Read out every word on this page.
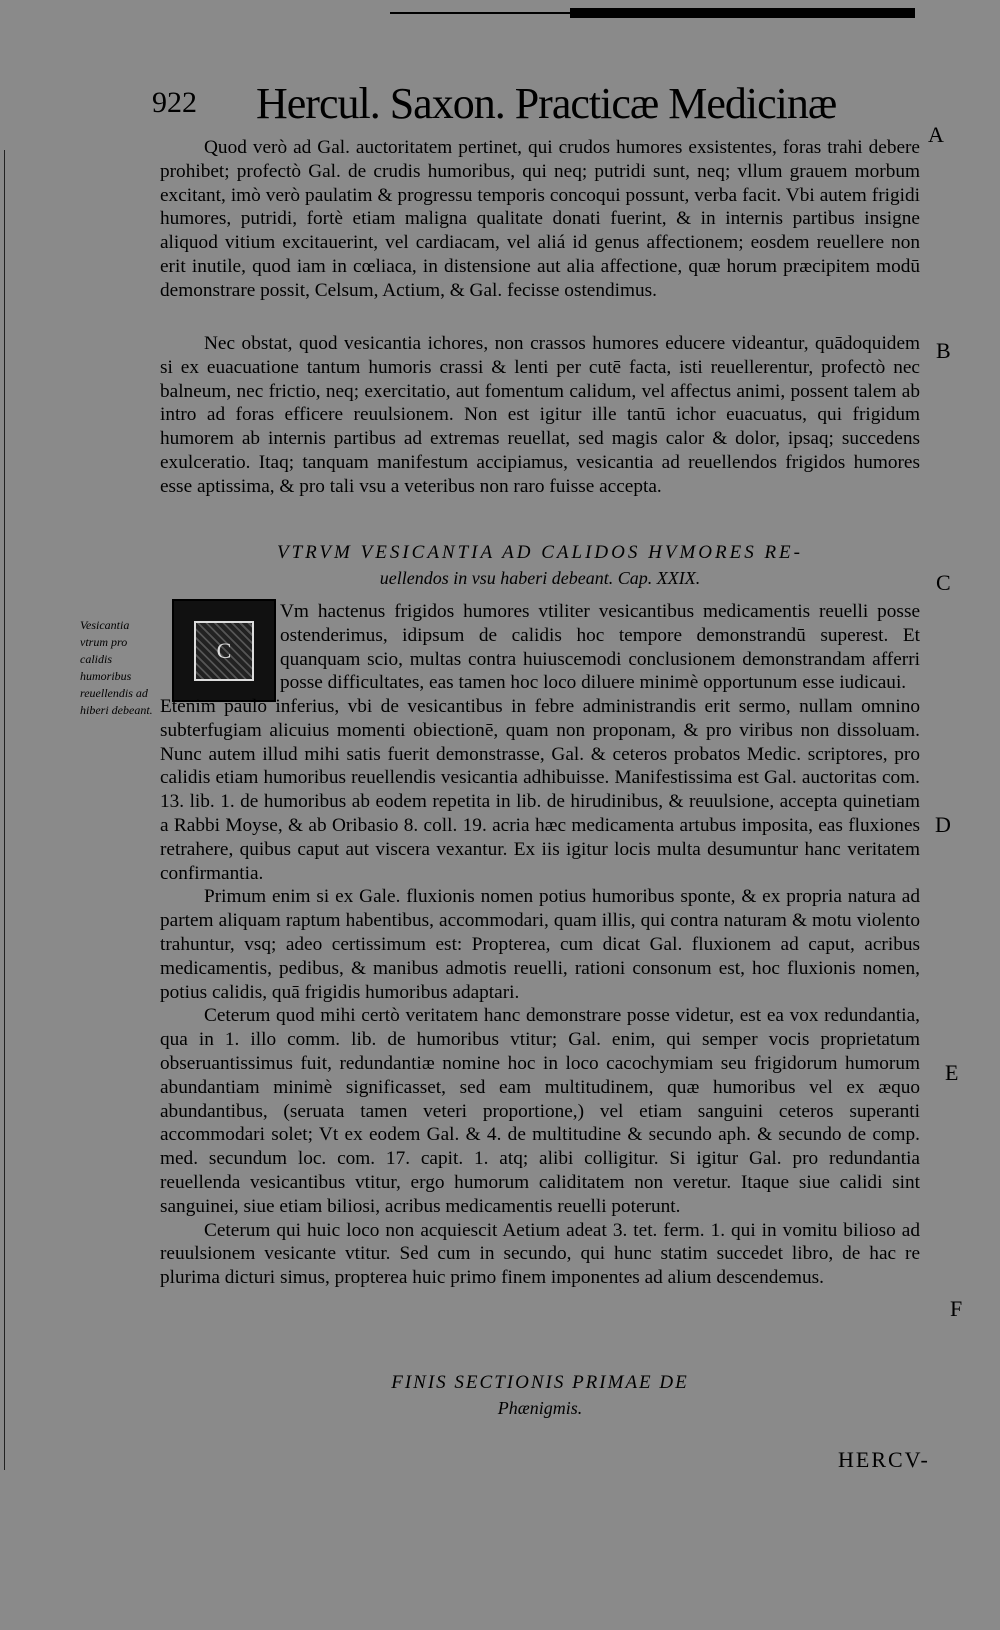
922 Hercul. Saxon. Practicæ Medicinæ
A
B
C
D
E
F

Quod verò ad Gal. auctoritatem pertinet, qui crudos humores exsistentes, foras trahi debere prohibet; profectò Gal. de crudis humoribus, qui neq; putridi sunt, neq; vllum grauem morbum excitant, imò verò paulatim & progressu temporis concoqui possunt, verba facit. Vbi autem frigidi humores, putridi, fortè etiam maligna qualitate donati fuerint, & in internis partibus insigne aliquod vitium excitauerint, vel cardiacam, vel aliá id genus affectionem; eosdem reuellere non erit inutile, quod iam in cœliaca, in distensione aut alia affectione, quæ horum præcipitem modū demonstrare possit, Celsum, Actium, & Gal. fecisse ostendimus.

Nec obstat, quod vesicantia ichores, non crassos humores educere videantur, quādoquidem si ex euacuatione tantum humoris crassi & lenti per cutē facta, isti reuellerentur, profectò nec balneum, nec frictio, neq; exercitatio, aut fomentum calidum, vel affectus animi, possent talem ab intro ad foras efficere reuulsionem. Non est igitur ille tantū ichor euacuatus, qui frigidum humorem ab internis partibus ad extremas reuellat, sed magis calor & dolor, ipsaq; succedens exulceratio. Itaq; tanquam manifestum accipiamus, vesicantia ad reuellendos frigidos humores esse aptissima, & pro tali vsu a veteribus non raro fuisse accepta.

VTRVM VESICANTIA AD CALIDOS HVMORES RE-
uellendos in vsu haberi debeant. Cap. XXIX.
Vesicantia vtrum pro calidis humoribus reuellendis ad hiberi debeant.
C
Vm hactenus frigidos humores vtiliter vesicantibus medicamentis reuelli posse ostenderimus, idipsum de calidis hoc tempore demonstrandū superest. Et quanquam scio, multas contra huiuscemodi conclusionem demonstrandam afferri posse difficultates, eas tamen hoc loco diluere minimè opportunum esse iudicaui.

Etenim paulo inferius, vbi de vesicantibus in febre administrandis erit sermo, nullam omnino subterfugiam alicuius momenti obiectionē, quam non proponam, & pro viribus non dissoluam. Nunc autem illud mihi satis fuerit demonstrasse, Gal. & ceteros probatos Medic. scriptores, pro calidis etiam humoribus reuellendis vesicantia adhibuisse. Manifestissima est Gal. auctoritas com. 13. lib. 1. de humoribus ab eodem repetita in lib. de hirudinibus, & reuulsione, accepta quinetiam a Rabbi Moyse, & ab Oribasio 8. coll. 19. acria hæc medicamenta artubus imposita, eas fluxiones retrahere, quibus caput aut viscera vexantur. Ex iis igitur locis multa desumuntur hanc veritatem confirmantia.

Primum enim si ex Gale. fluxionis nomen potius humoribus sponte, & ex propria natura ad partem aliquam raptum habentibus, accommodari, quam illis, qui contra naturam & motu violento trahuntur, vsq; adeo certissimum est: Propterea, cum dicat Gal. fluxionem ad caput, acribus medicamentis, pedibus, & manibus admotis reuelli, rationi consonum est, hoc fluxionis nomen, potius calidis, quā frigidis humoribus adaptari.

Ceterum quod mihi certò veritatem hanc demonstrare posse videtur, est ea vox redundantia, qua in 1. illo comm. lib. de humoribus vtitur; Gal. enim, qui semper vocis proprietatum obseruantissimus fuit, redundantiæ nomine hoc in loco cacochymiam seu frigidorum humorum abundantiam minimè significasset, sed eam multitudinem, quæ humoribus vel ex æquo abundantibus, (seruata tamen veteri proportione,) vel etiam sanguini ceteros superanti accommodari solet; Vt ex eodem Gal. & 4. de multitudine & secundo aph. & secundo de comp. med. secundum loc. com. 17. capit. 1. atq; alibi colligitur. Si igitur Gal. pro redundantia reuellenda vesicantibus vtitur, ergo humorum caliditatem non veretur. Itaque siue calidi sint sanguinei, siue etiam biliosi, acribus medicamentis reuelli poterunt.

Ceterum qui huic loco non acquiescit Aetium adeat 3. tet. ferm. 1. qui in vomitu bilioso ad reuulsionem vesicante vtitur. Sed cum in secundo, qui hunc statim succedet libro, de hac re plurima dicturi simus, propterea huic primo finem imponentes ad alium descendemus.

FINIS SECTIONIS PRIMAE DE
Phænigmis.
HERCV-
